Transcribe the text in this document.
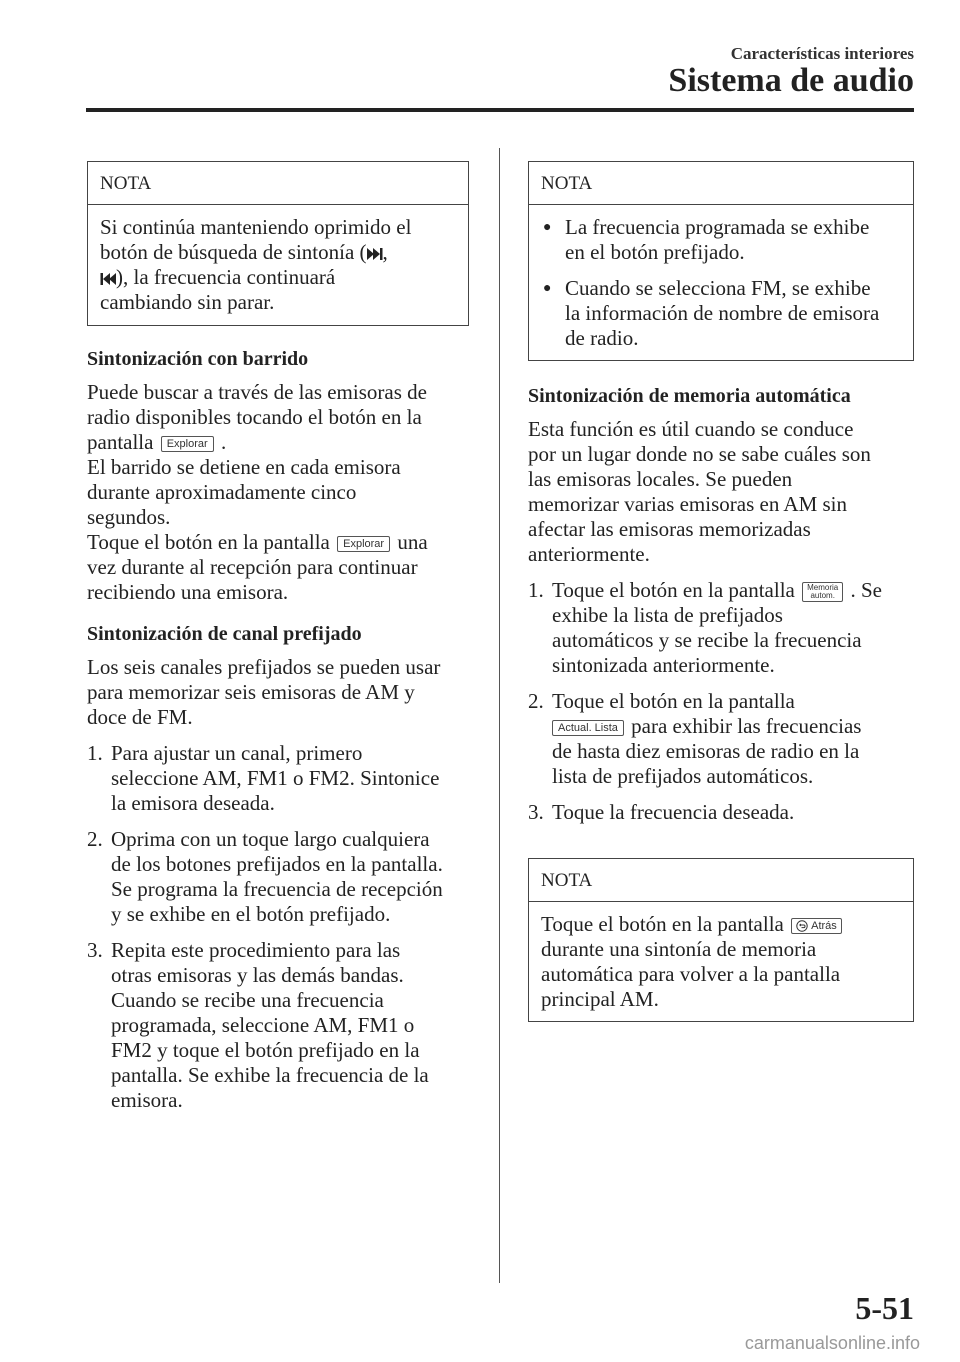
Características interiores
Sistema de audio
NOTA

Si continúa manteniendo oprimido el

botón de búsqueda de sintonía ( ,

), la frecuencia continuará

cambiando sin parar.

Sintonización con barrido

Puede buscar a través de las emisoras de

radio disponibles tocando el botón en la

pantalla Explorar .

El barrido se detiene en cada emisora

durante aproximadamente cinco

segundos.

Toque el botón en la pantalla Explorar una

vez durante al recepción para continuar

recibiendo una emisora.

Sintonización de canal prefijado

Los seis canales prefijados se pueden usar

para memorizar seis emisoras de AM y

doce de FM.

1. Para ajustar un canal, primero

seleccione AM, FM1 o FM2. Sintonice

la emisora deseada.

2. Oprima con un toque largo cualquiera

de los botones prefijados en la pantalla.

Se programa la frecuencia de recepción

y se exhibe en el botón prefijado.

3. Repita este procedimiento para las

otras emisoras y las demás bandas.

Cuando se recibe una frecuencia

programada, seleccione AM, FM1 o

FM2 y toque el botón prefijado en la

pantalla. Se exhibe la frecuencia de la

emisora.

NOTA
● La frecuencia programada se exhibe

en el botón prefijado.

● Cuando se selecciona FM, se exhibe

la información de nombre de emisora

de radio.

Sintonización de memoria automática

Esta función es útil cuando se conduce

por un lugar donde no se sabe cuáles son

las emisoras locales. Se pueden

memorizar varias emisoras en AM sin

afectar las emisoras memorizadas

anteriormente.

1. Toque el botón en la pantalla Memoria
autom. . Se

exhibe la lista de prefijados

automáticos y se recibe la frecuencia

sintonizada anteriormente.

2. Toque el botón en la pantalla

Actual. Lista para exhibir las frecuencias

de hasta diez emisoras de radio en la

lista de prefijados automáticos.

3. Toque la frecuencia deseada.

NOTA

Toque el botón en la pantalla Atrás

durante una sintonía de memoria

automática para volver a la pantalla

principal AM.

5-51
carmanualsonline.info
